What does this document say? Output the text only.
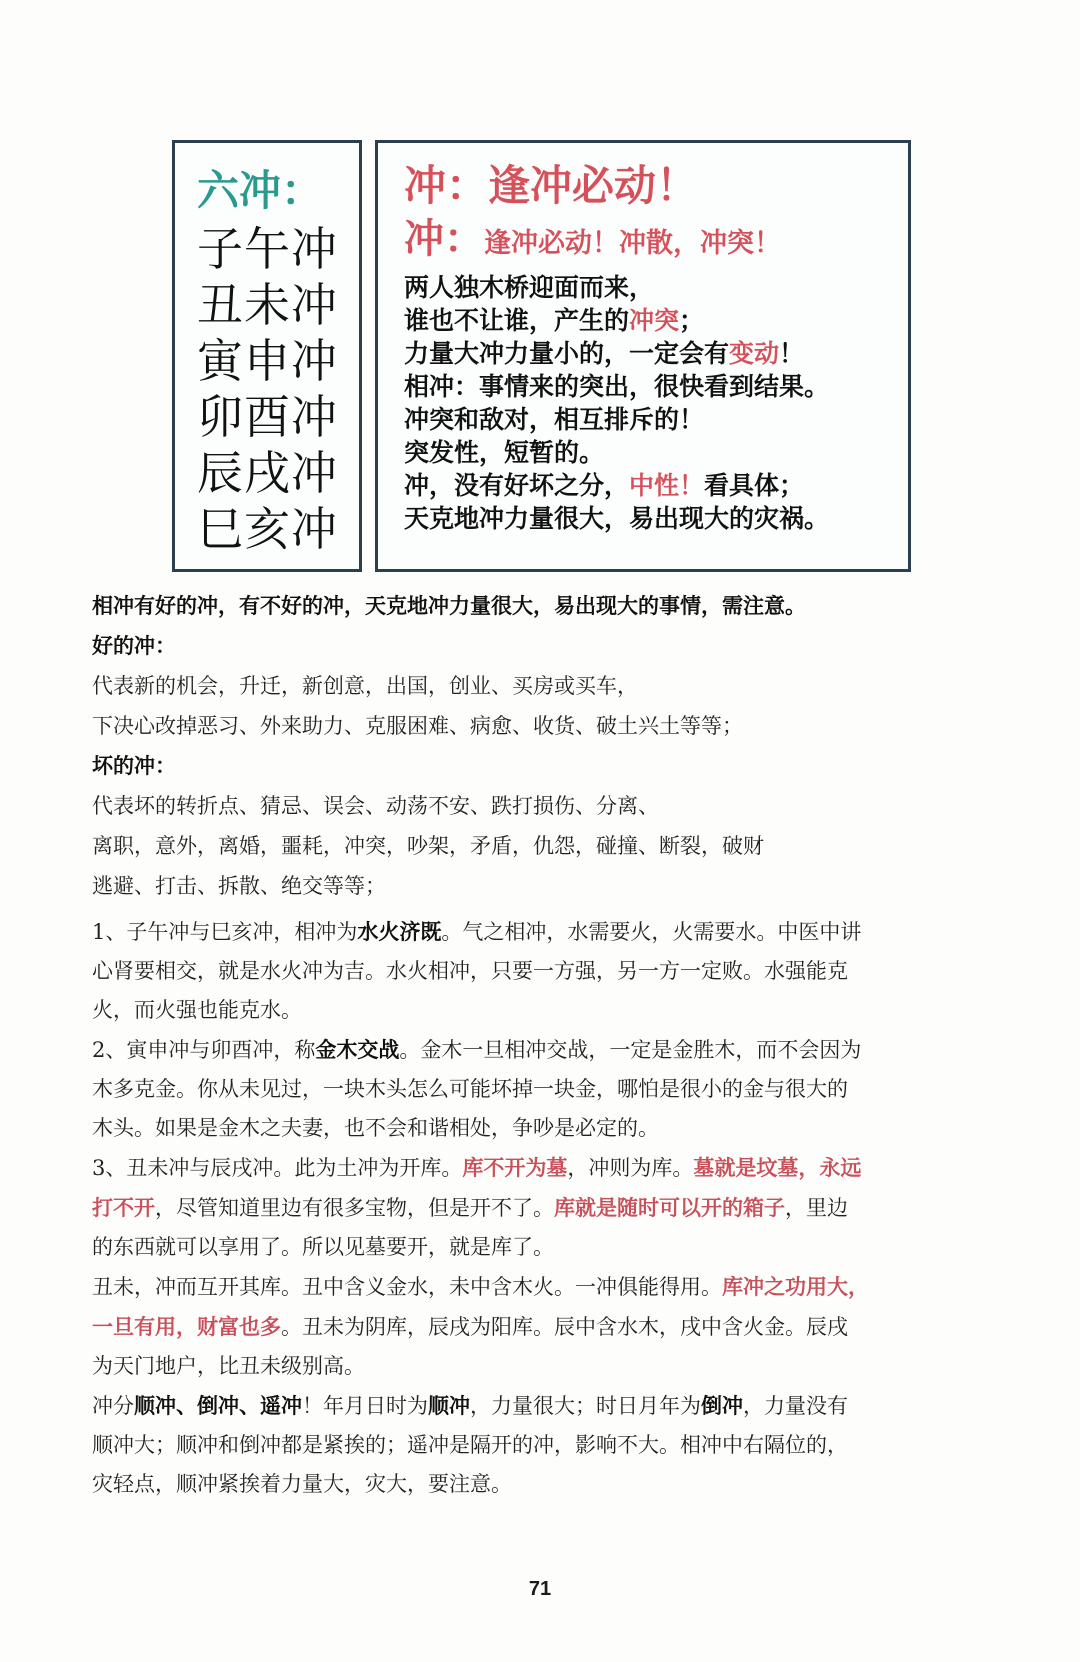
六冲：
子午冲
丑未冲
寅申冲
卯酉冲
辰戌冲
巳亥冲
冲：逢冲必动！
冲：逢冲必动！冲散，冲突！
两人独木桥迎面而来，
谁也不让谁，产生的冲突；
力量大冲力量小的，一定会有变动！
相冲：事情来的突出，很快看到结果。
冲突和敌对，相互排斥的！
突发性，短暂的。
冲，没有好坏之分，中性！看具体；
天克地冲力量很大，易出现大的灾祸。

相冲有好的冲，有不好的冲，天克地冲力量很大，易出现大的事情，需注意。

好的冲：

代表新的机会，升迁，新创意，出国，创业、买房或买车，

下决心改掉恶习、外来助力、克服困难、病愈、收货、破土兴土等等；

坏的冲：

代表坏的转折点、猜忌、误会、动荡不安、跌打损伤、分离、

离职，意外，离婚，噩耗，冲突，吵架，矛盾，仇怨，碰撞、断裂，破财

逃避、打击、拆散、绝交等等；

1、子午冲与巳亥冲，相冲为水火济既。气之相冲，水需要火，火需要水。中医中讲

心肾要相交，就是水火冲为吉。水火相冲，只要一方强，另一方一定败。水强能克

火，而火强也能克水。

2、寅申冲与卯酉冲，称金木交战。金木一旦相冲交战，一定是金胜木，而不会因为

木多克金。你从未见过，一块木头怎么可能坏掉一块金，哪怕是很小的金与很大的

木头。如果是金木之夫妻，也不会和谐相处，争吵是必定的。

3、丑未冲与辰戌冲。此为土冲为开库。库不开为墓，冲则为库。墓就是坟墓，永远

打不开，尽管知道里边有很多宝物，但是开不了。库就是随时可以开的箱子，里边

的东西就可以享用了。所以见墓要开，就是库了。

丑未，冲而互开其库。丑中含义金水，未中含木火。一冲俱能得用。库冲之功用大，

一旦有用，财富也多。丑未为阴库，辰戌为阳库。辰中含水木，戌中含火金。辰戌

为天门地户，比丑未级别高。

冲分顺冲、倒冲、遥冲！年月日时为顺冲，力量很大；时日月年为倒冲，力量没有

顺冲大；顺冲和倒冲都是紧挨的；遥冲是隔开的冲，影响不大。相冲中右隔位的，

灾轻点，顺冲紧挨着力量大，灾大，要注意。

71
